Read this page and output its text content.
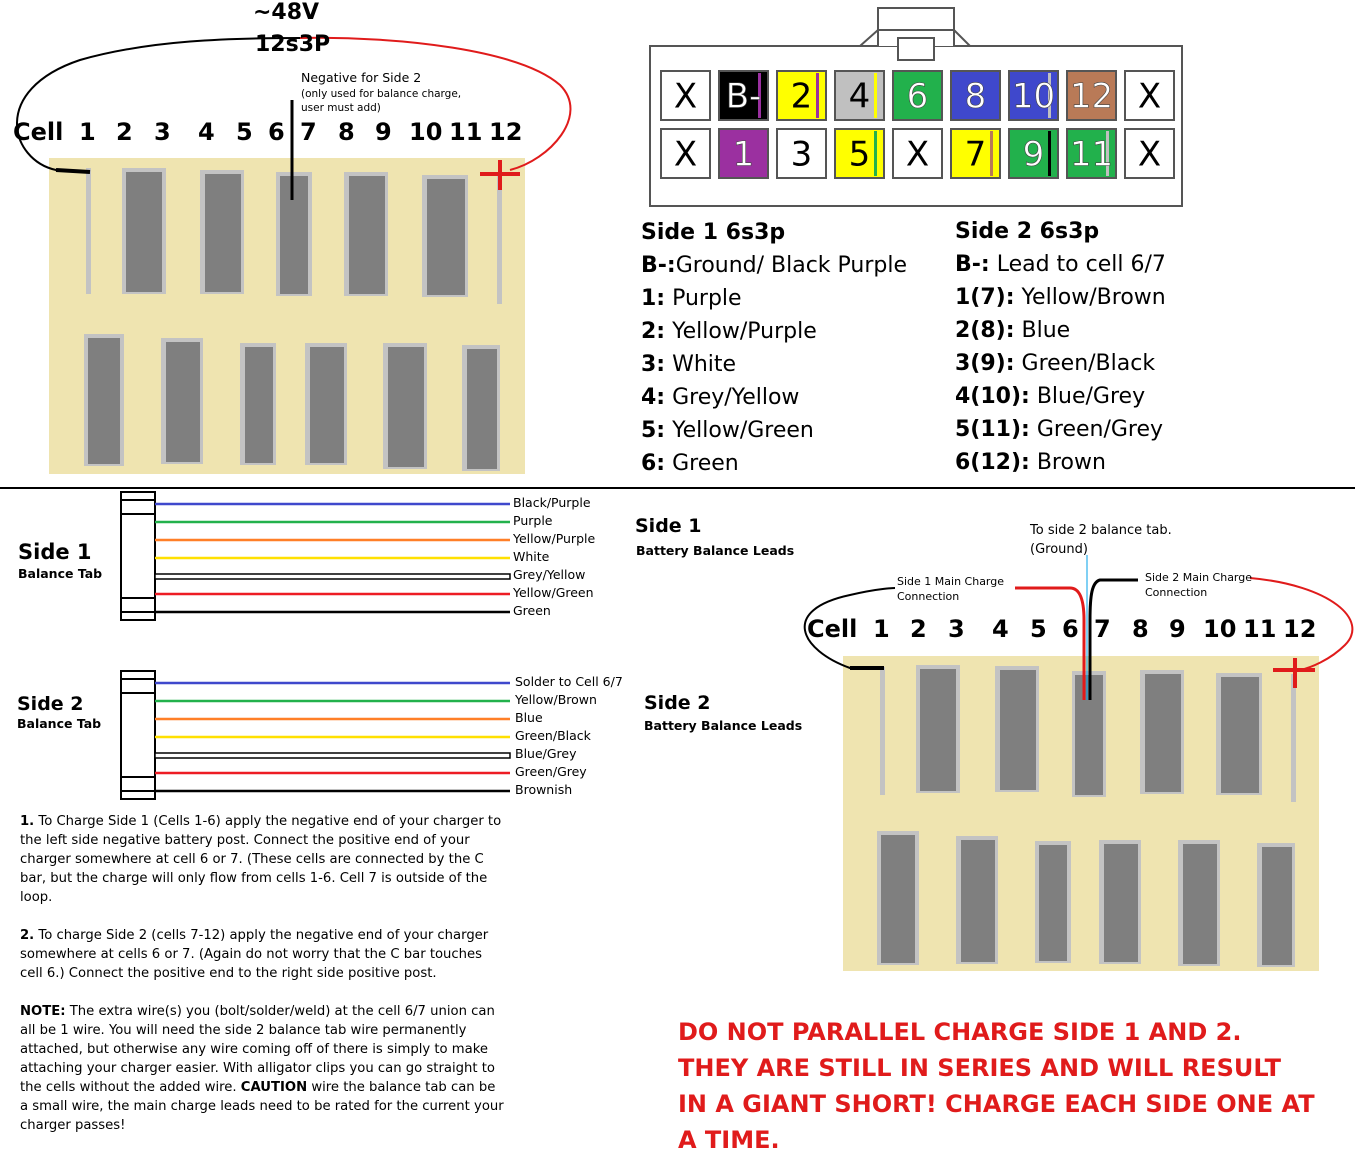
X B- 2 4 6 8 10 12 X
X 1 3 5 X 7 9 11 X
~48V
12s3P
Negative for Side 2
(only used for balance charge,
user must add)
Cell 1 2 3 4 5 6 7 8 9 10 11 12
Cell 1 2 3 4 5 6 7 8 9 10 11 12
Side 1 6s3p
B-:Ground/ Black Purple
1: Purple
2: Yellow/Purple
3: White
4: Grey/Yellow
5: Yellow/Green
6: Green
Side 2 6s3p
B-: Lead to cell 6/7
1(7): Yellow/Brown
2(8): Blue
3(9): Green/Black
4(10): Blue/Grey
5(11): Green/Grey
6(12): Brown
Side 1
Balance Tab
Black/Purple
Purple
Yellow/Purple
White
Grey/Yellow
Yellow/Green
Green
Side 2
Balance Tab
Solder to Cell 6/7
Yellow/Brown
Blue
Green/Black
Blue/Grey
Green/Grey
Brownish
Side 1
Battery Balance Leads
Side 2
Battery Balance Leads
To side 2 balance tab.
(Ground)
Side 1 Main Charge
Connection
Side 2 Main Charge
Connection

1. To Charge Side 1 (Cells 1-6) apply the negative end of your charger to the left side negative battery post. Connect the positive end of your charger somewhere at cell 6 or 7. (These cells are connected by the C bar, but the charge will only flow from cells 1-6. Cell 7 is outside of the loop.

2. To charge Side 2 (cells 7-12) apply the negative end of your charger somewhere at cells 6 or 7. (Again do not worry that the C bar touches cell 6.) Connect the positive end to the right side positive post.

NOTE: The extra wire(s) you (bolt/solder/weld) at the cell 6/7 union can all be 1 wire. You will need the side 2 balance tab wire permanently attached, but otherwise any wire coming off of there is simply to make attaching your charger easier. With alligator clips you can go straight to the cells without the added wire. CAUTION wire the balance tab can be a small wire, the main charge leads need to be rated for the current your charger passes!

DO NOT PARALLEL CHARGE SIDE 1 AND 2. THEY ARE STILL IN SERIES AND WILL RESULT IN A GIANT SHORT! CHARGE EACH SIDE ONE AT A TIME.
